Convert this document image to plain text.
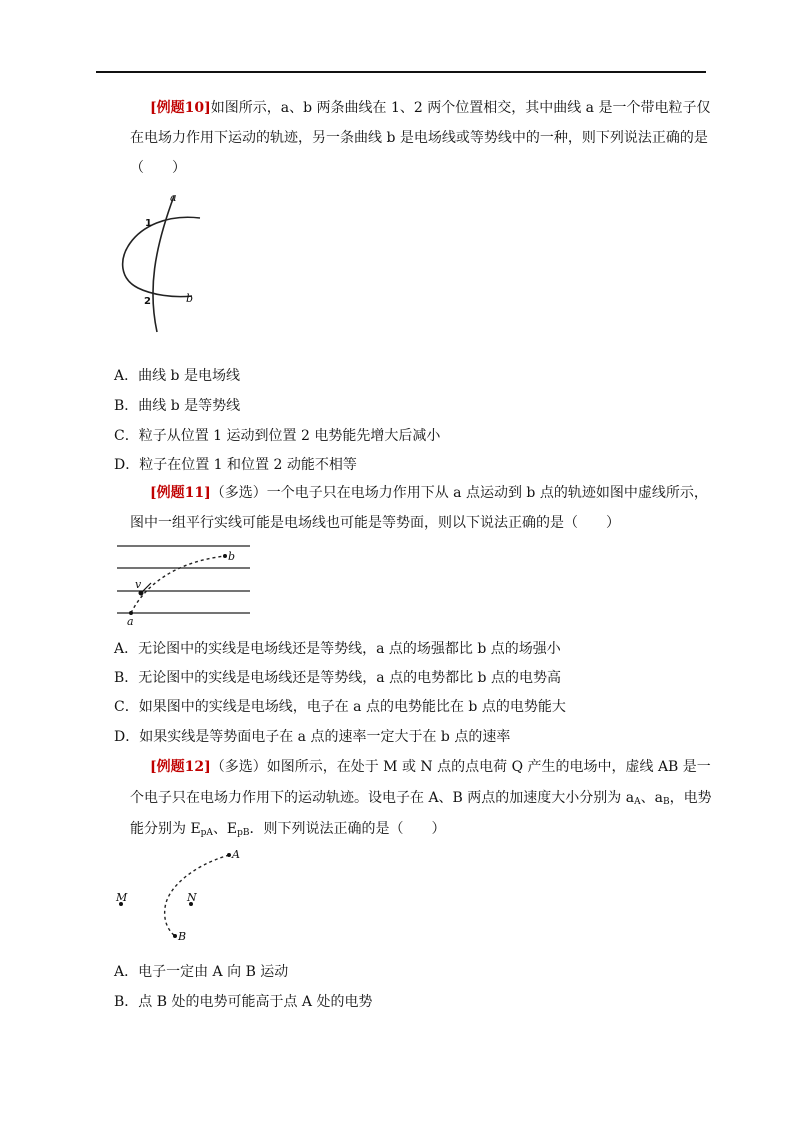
[例题10]如图所示，a、b 两条曲线在 1、2 两个位置相交，其中曲线 a 是一个带电粒子仅
在电场力作用下运动的轨迹，另一条曲线 b 是电场线或等势线中的一种，则下列说法正确的是
（　　）
a
b
1
2
A．曲线 b 是电场线
B．曲线 b 是等势线
C．粒子从位置 1 运动到位置 2 电势能先增大后减小
D．粒子在位置 1 和位置 2 动能不相等
[例题11]（多选）一个电子只在电场力作用下从 a 点运动到 b 点的轨迹如图中虚线所示，
图中一组平行实线可能是电场线也可能是等势面，则以下说法正确的是（　　）
a
b
v
A．无论图中的实线是电场线还是等势线，a 点的场强都比 b 点的场强小
B．无论图中的实线是电场线还是等势线，a 点的电势都比 b 点的电势高
C．如果图中的实线是电场线，电子在 a 点的电势能比在 b 点的电势能大
D．如果实线是等势面电子在 a 点的速率一定大于在 b 点的速率
[例题12]（多选）如图所示，在处于 M 或 N 点的点电荷 Q 产生的电场中，虚线 AB 是一
个电子只在电场力作用下的运动轨迹。设电子在 A、B 两点的加速度大小分别为 $a_A$、$a_B$，电势
能分别为 $E_{pA}$、$E_{pB}$．则下列说法正确的是（　　）
A
B
M	N
A．电子一定由 A 向 B 运动
B．点 B 处的电势可能高于点 A 处的电势
